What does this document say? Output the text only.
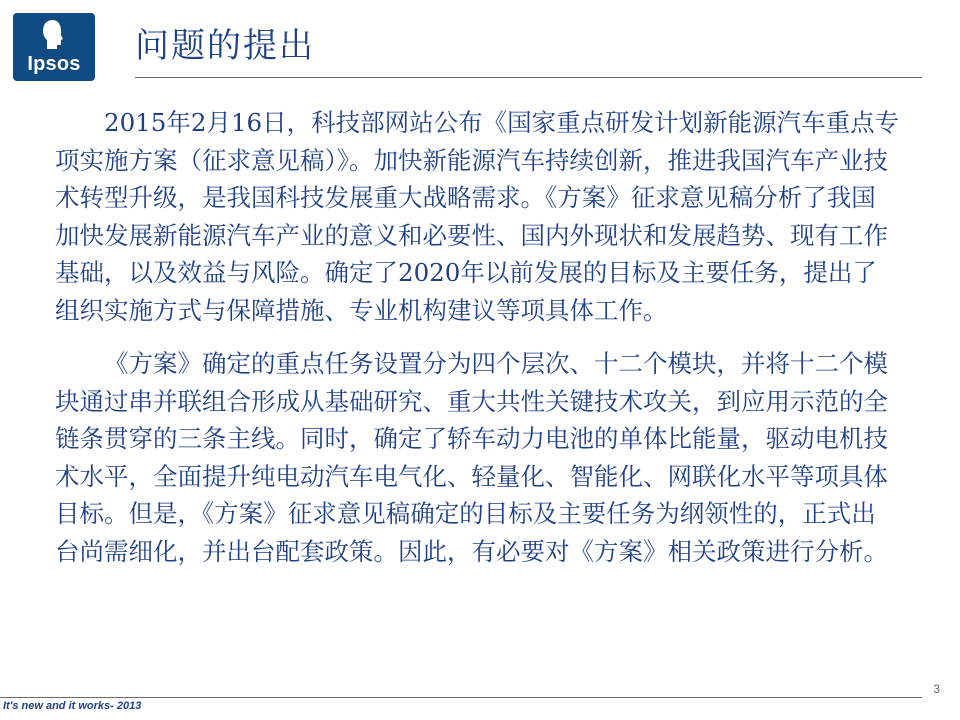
Ipsos	问题的提出

2015年2月16日，科技部网站公布《国家重点研发计划新能源汽车重点专项实施方案（征求意见稿）》。加快新能源汽车持续创新，推进我国汽车产业技术转型升级，是我国科技发展重大战略需求。《方案》征求意见稿分析了我国加快发展新能源汽车产业的意义和必要性、国内外现状和发展趋势、现有工作基础，以及效益与风险。确定了2020年以前发展的目标及主要任务，提出了组织实施方式与保障措施、专业机构建议等项具体工作。

《方案》确定的重点任务设置分为四个层次、十二个模块，并将十二个模块通过串并联组合形成从基础研究、重大共性关键技术攻关，到应用示范的全链条贯穿的三条主线。同时，确定了轿车动力电池的单体比能量，驱动电机技术水平，全面提升纯电动汽车电气化、轻量化、智能化、网联化水平等项具体目标。但是，《方案》征求意见稿确定的目标及主要任务为纲领性的，正式出台尚需细化，并出台配套政策。因此，有必要对《方案》相关政策进行分析。

3
It's new and it works- 2013
